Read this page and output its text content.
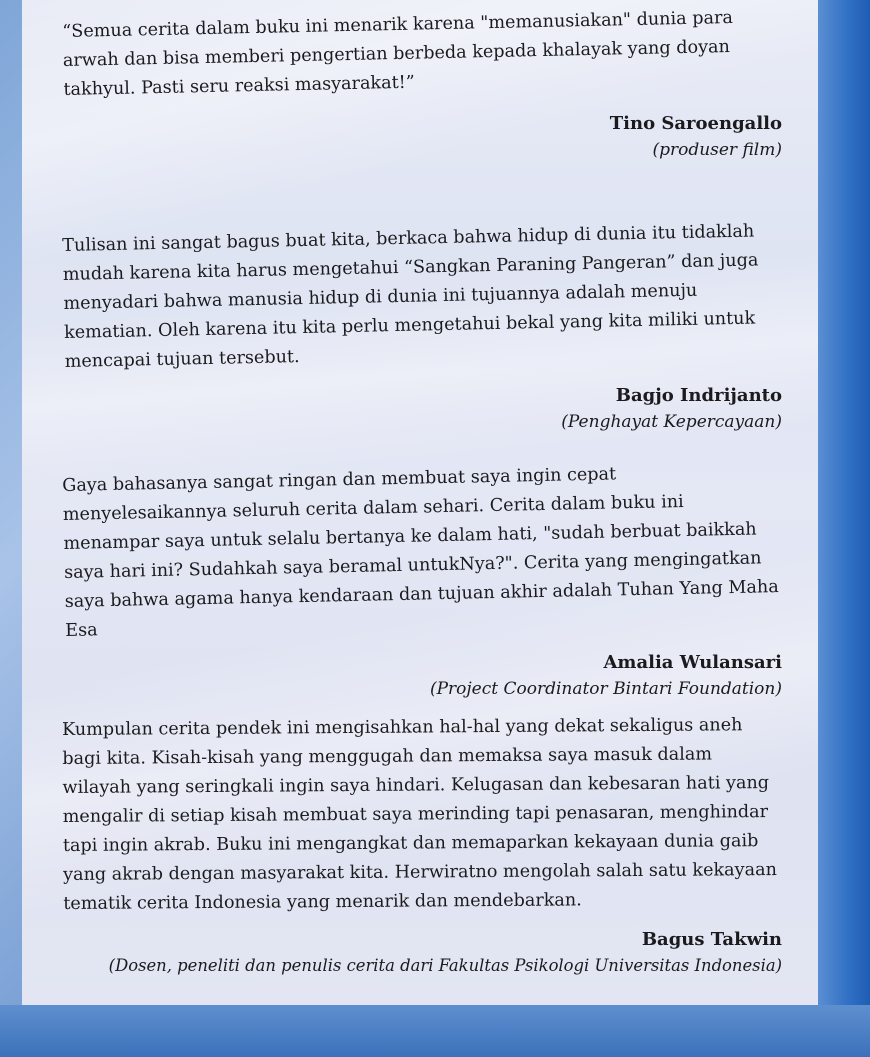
“Semua cerita dalam buku ini menarik karena "memanusiakan" dunia para arwah dan bisa memberi pengertian berbeda kepada khalayak yang doyan takhyul. Pasti seru reaksi masyarakat!”

Tino Saroengallo

(produser film)

Tulisan ini sangat bagus buat kita, berkaca bahwa hidup di dunia itu tidaklah mudah karena kita harus mengetahui “Sangkan Paraning Pangeran” dan juga menyadari bahwa manusia hidup di dunia ini tujuannya adalah menuju kematian. Oleh karena itu kita perlu mengetahui bekal yang kita miliki untuk mencapai tujuan tersebut.

Bagjo Indrijanto

(Penghayat Kepercayaan)

Gaya bahasanya sangat ringan dan membuat saya ingin cepat menyelesaikannya seluruh cerita dalam sehari. Cerita dalam buku ini menampar saya untuk selalu bertanya ke dalam hati, "sudah berbuat baikkah saya hari ini? Sudahkah saya beramal untukNya?". Cerita yang mengingatkan saya bahwa agama hanya kendaraan dan tujuan akhir adalah Tuhan Yang Maha Esa

Amalia Wulansari

(Project Coordinator Bintari Foundation)

Kumpulan cerita pendek ini mengisahkan hal-hal yang dekat sekaligus aneh bagi kita. Kisah-kisah yang menggugah dan memaksa saya masuk dalam wilayah yang seringkali ingin saya hindari. Kelugasan dan kebesaran hati yang mengalir di setiap kisah membuat saya merinding tapi penasaran, menghindar tapi ingin akrab. Buku ini mengangkat dan memaparkan kekayaan dunia gaib yang akrab dengan masyarakat kita. Herwiratno mengolah salah satu kekayaan tematik cerita Indonesia yang menarik dan mendebarkan.

Bagus Takwin

(Dosen, peneliti dan penulis cerita dari Fakultas Psikologi Universitas Indonesia)
